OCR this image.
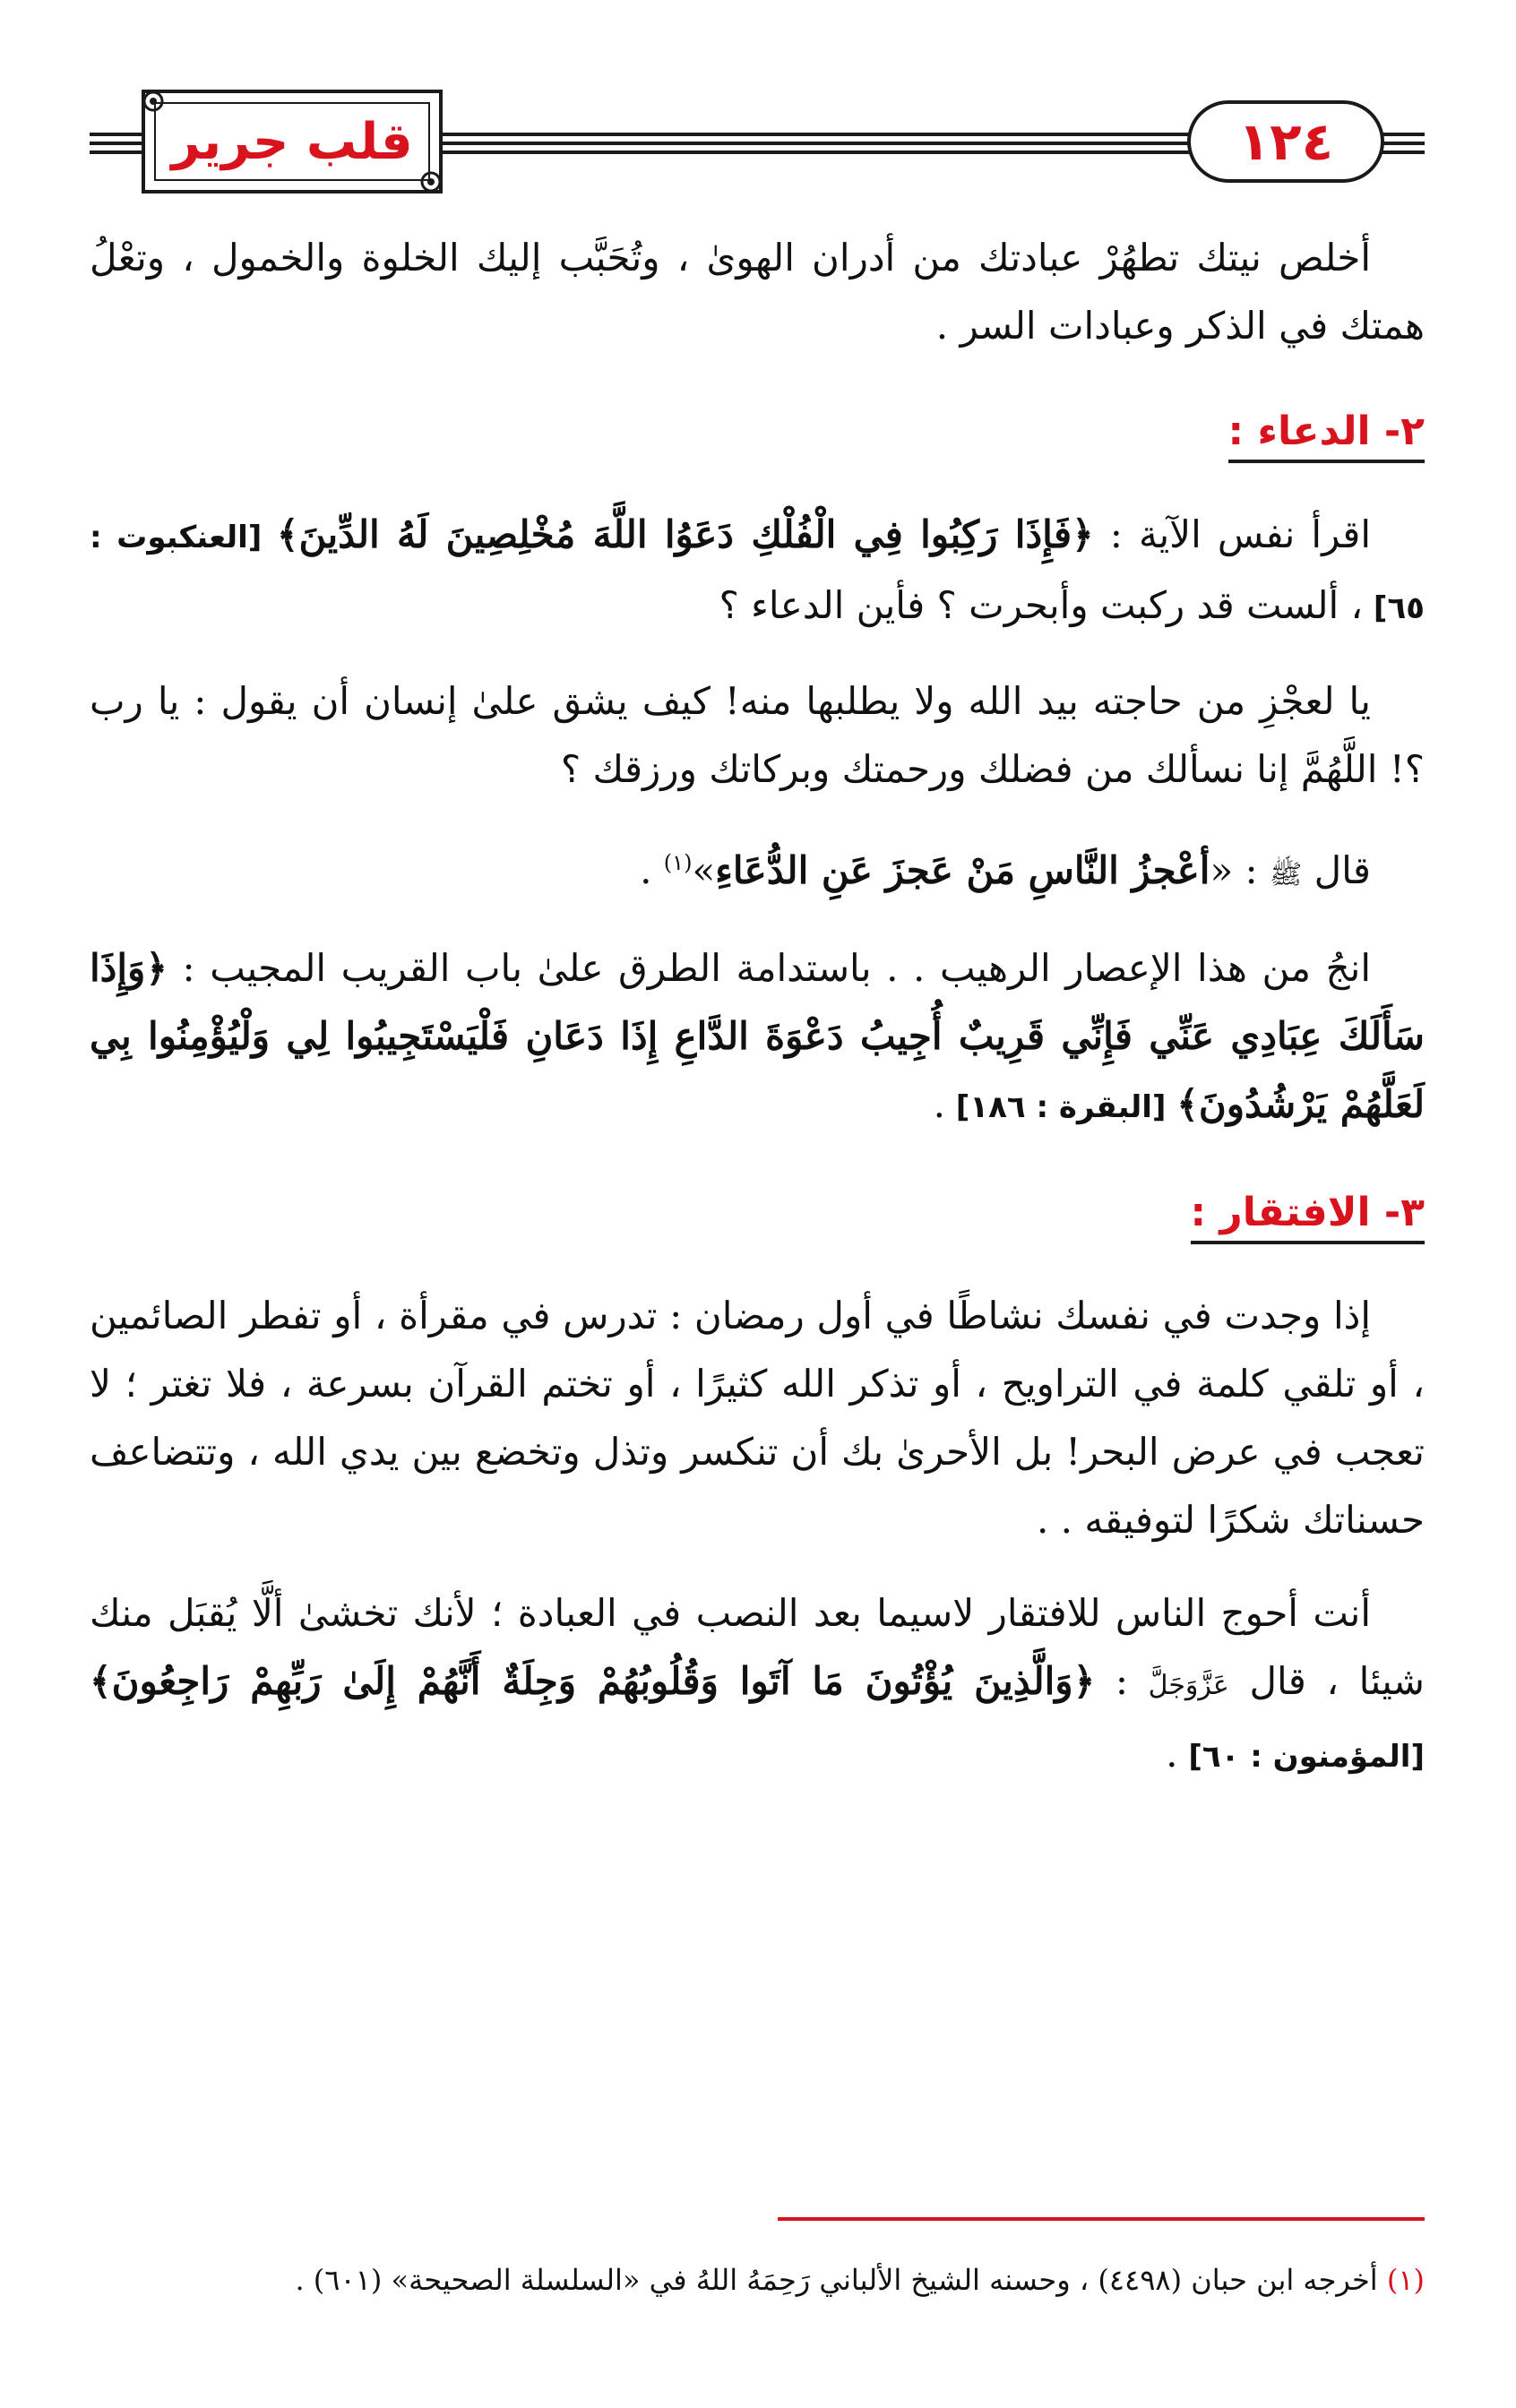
قلب جرير	١٢٤

أخلص نيتك تطهُرْ عبادتك من أدران الهوىٰ ، وتُحَبَّب إليك الخلوة والخمول ، وتعْلُ همتك في الذكر وعبادات السر .

٢- الدعاء :

اقرأ نفس الآية : ﴿فَإِذَا رَكِبُوا فِي الْفُلْكِ دَعَوُا اللَّهَ مُخْلِصِينَ لَهُ الدِّينَ﴾ [العنكبوت : ٦٥] ، ألست قد ركبت وأبحرت ؟ فأين الدعاء ؟

يا لعجْزِ من حاجته بيد الله ولا يطلبها منه! كيف يشق علىٰ إنسان أن يقول : يا رب ؟! اللَّهُمَّ إنا نسألك من فضلك ورحمتك وبركاتك ورزقك ؟

قال ﷺ : «أعْجزُ النَّاسِ مَنْ عَجزَ عَنِ الدُّعَاءِ»$^{(١)}$ .

انجُ من هذا الإعصار الرهيب . . باستدامة الطرق علىٰ باب القريب المجيب : ﴿وَإِذَا سَأَلَكَ عِبَادِي عَنِّي فَإِنِّي قَرِيبٌ أُجِيبُ دَعْوَةَ الدَّاعِ إِذَا دَعَانِ فَلْيَسْتَجِيبُوا لِي وَلْيُؤْمِنُوا بِي لَعَلَّهُمْ يَرْشُدُونَ﴾ [البقرة : ١٨٦] .

٣- الافتقار :

إذا وجدت في نفسك نشاطًا في أول رمضان : تدرس في مقرأة ، أو تفطر الصائمين ، أو تلقي كلمة في التراويح ، أو تذكر الله كثيرًا ، أو تختم القرآن بسرعة ، فلا تغتر ؛ لا تعجب في عرض البحر! بل الأحرىٰ بك أن تنكسر وتذل وتخضع بين يدي الله ، وتتضاعف حسناتك شكرًا لتوفيقه . .

أنت أحوج الناس للافتقار لاسيما بعد النصب في العبادة ؛ لأنك تخشىٰ ألَّا يُقبَل منك شيئا ، قال عَزَّوَجَلَّ : ﴿وَالَّذِينَ يُؤْتُونَ مَا آتَوا وَقُلُوبُهُمْ وَجِلَةٌ أَنَّهُمْ إِلَىٰ رَبِّهِمْ رَاجِعُونَ﴾ [المؤمنون : ٦٠] .

(١) أخرجه ابن حبان (٤٤٩٨) ، وحسنه الشيخ الألباني رَحِمَهُ اللهُ في «السلسلة الصحيحة» (٦٠١) .
